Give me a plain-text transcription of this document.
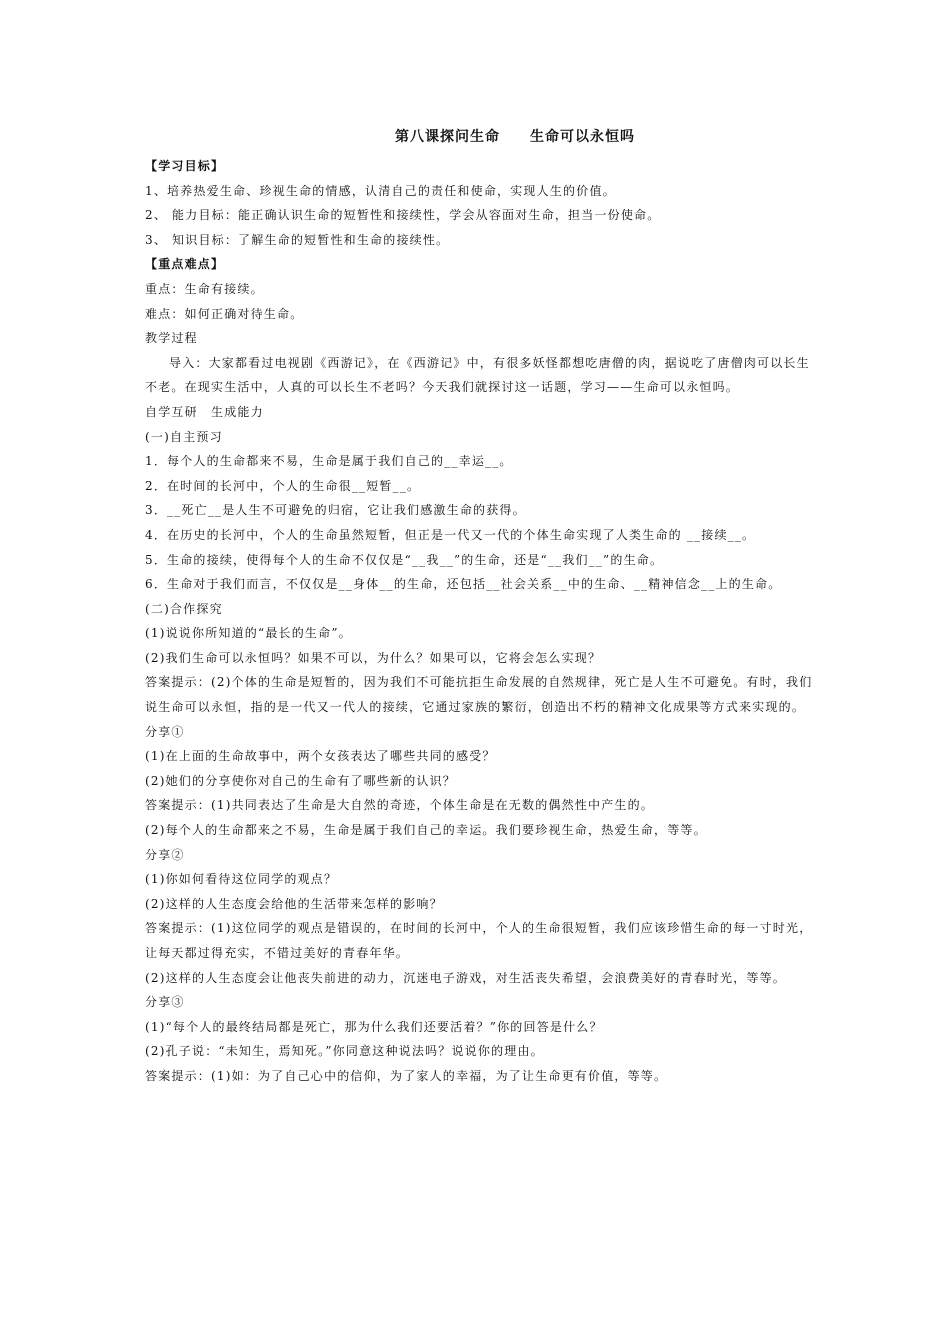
第八课探问生命　　生命可以永恒吗
【学习目标】
1、培养热爱生命、珍视生命的情感，认清自己的责任和使命，实现人生的价值。
2、 能力目标：能正确认识生命的短暂性和接续性，学会从容面对生命，担当一份使命。
3、 知识目标：了解生命的短暂性和生命的接续性。
【重点难点】
重点：生命有接续。
难点：如何正确对待生命。
教学过程
导入：大家都看过电视剧《西游记》，在《西游记》中，有很多妖怪都想吃唐僧的肉，据说吃了唐僧肉可以长生不老。在现实生活中，人真的可以长生不老吗？今天我们就探讨这一话题，学习——生命可以永恒吗。
自学互研　生成能力
(一)自主预习
1．每个人的生命都来不易，生命是属于我们自己的__幸运__。
2．在时间的长河中，个人的生命很__短暂__。
3．__死亡__是人生不可避免的归宿，它让我们感激生命的获得。
4．在历史的长河中，个人的生命虽然短暂，但正是一代又一代的个体生命实现了人类生命的 __接续__。
5．生命的接续，使得每个人的生命不仅仅是“__我__”的生命，还是“__我们__”的生命。
6．生命对于我们而言，不仅仅是__身体__的生命，还包括__社会关系__中的生命、__精神信念__上的生命。
(二)合作探究
(1)说说你所知道的“最长的生命”。
(2)我们生命可以永恒吗？如果不可以，为什么？如果可以，它将会怎么实现？
答案提示：(2)个体的生命是短暂的，因为我们不可能抗拒生命发展的自然规律，死亡是人生不可避免。有时，我们说生命可以永恒，指的是一代又一代人的接续，它通过家族的繁衍，创造出不朽的精神文化成果等方式来实现的。
分享①
(1)在上面的生命故事中，两个女孩表达了哪些共同的感受？
(2)她们的分享使你对自己的生命有了哪些新的认识？
答案提示：(1)共同表达了生命是大自然的奇迹，个体生命是在无数的偶然性中产生的。
(2)每个人的生命都来之不易，生命是属于我们自己的幸运。我们要珍视生命，热爱生命，等等。
分享②
(1)你如何看待这位同学的观点？
(2)这样的人生态度会给他的生活带来怎样的影响？
答案提示：(1)这位同学的观点是错误的，在时间的长河中，个人的生命很短暂，我们应该珍惜生命的每一寸时光，让每天都过得充实，不错过美好的青春年华。
(2)这样的人生态度会让他丧失前进的动力，沉迷电子游戏，对生活丧失希望，会浪费美好的青春时光，等等。
分享③
(1)“每个人的最终结局都是死亡，那为什么我们还要活着？”你的回答是什么？
(2)孔子说：“未知生，焉知死。”你同意这种说法吗？说说你的理由。
答案提示：(1)如：为了自己心中的信仰，为了家人的幸福，为了让生命更有价值，等等。
